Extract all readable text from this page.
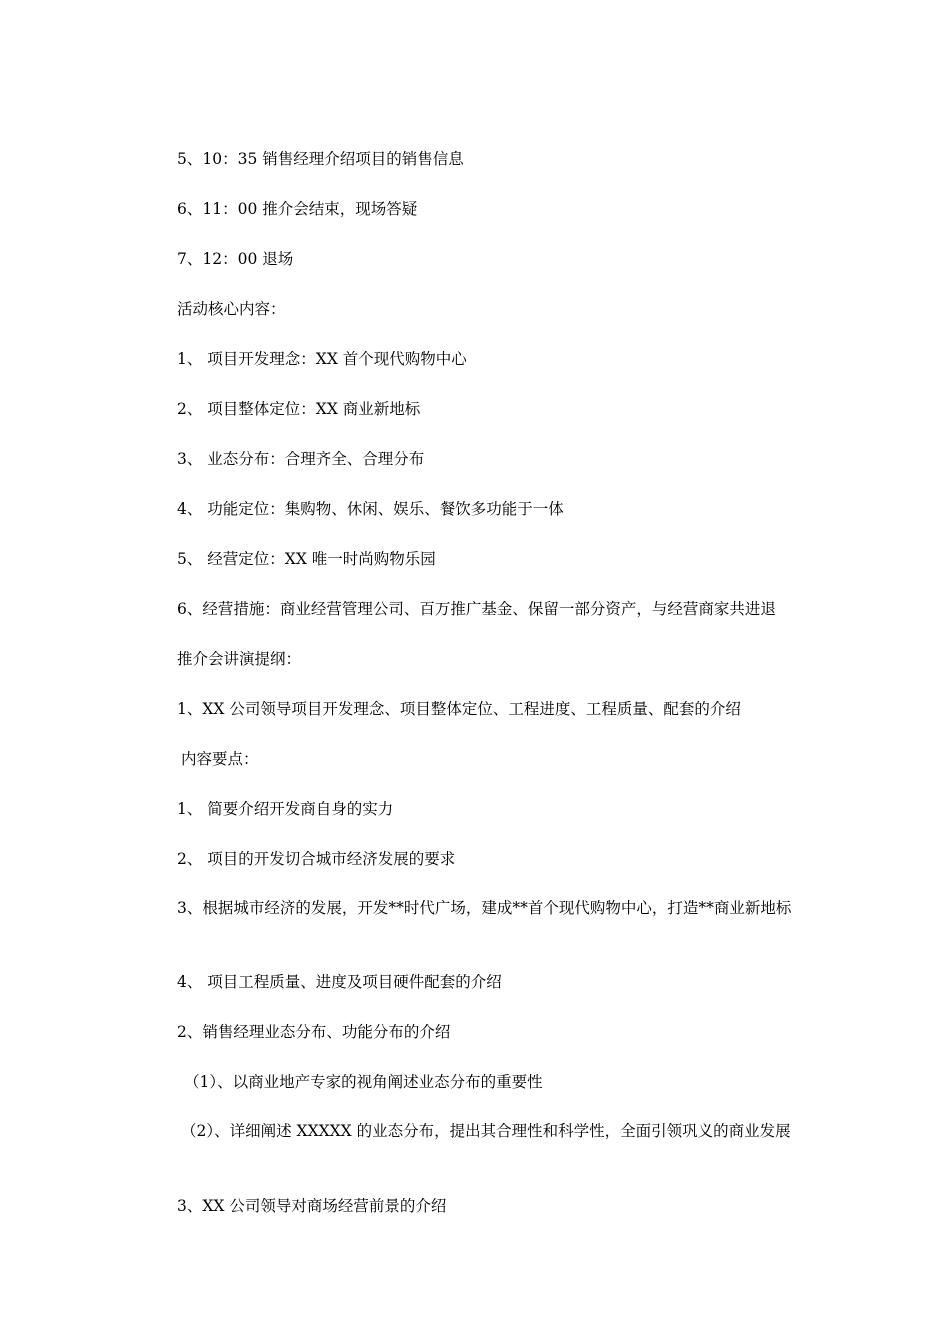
5、10：35 销售经理介绍项目的销售信息

6、11：00 推介会结束，现场答疑

7、12：00 退场

活动核心内容：

1、 项目开发理念：XX 首个现代购物中心

2、 项目整体定位：XX 商业新地标

3、 业态分布：合理齐全、合理分布

4、 功能定位：集购物、休闲、娱乐、餐饮多功能于一体

5、 经营定位：XX 唯一时尚购物乐园

6、经营措施：商业经营管理公司、百万推广基金、保留一部分资产，与经营商家共进退

推介会讲演提纲：

1、XX 公司领导项目开发理念、项目整体定位、工程进度、工程质量、配套的介绍

内容要点：

1、 简要介绍开发商自身的实力

2、 项目的开发切合城市经济发展的要求

3、根据城市经济的发展，开发**时代广场，建成**首个现代购物中心，打造**商业新地标

4、 项目工程质量、进度及项目硬件配套的介绍

2、销售经理业态分布、功能分布的介绍

（1）、以商业地产专家的视角阐述业态分布的重要性

（2）、详细阐述 XXXXX 的业态分布，提出其合理性和科学性，全面引领巩义的商业发展

3、XX 公司领导对商场经营前景的介绍
